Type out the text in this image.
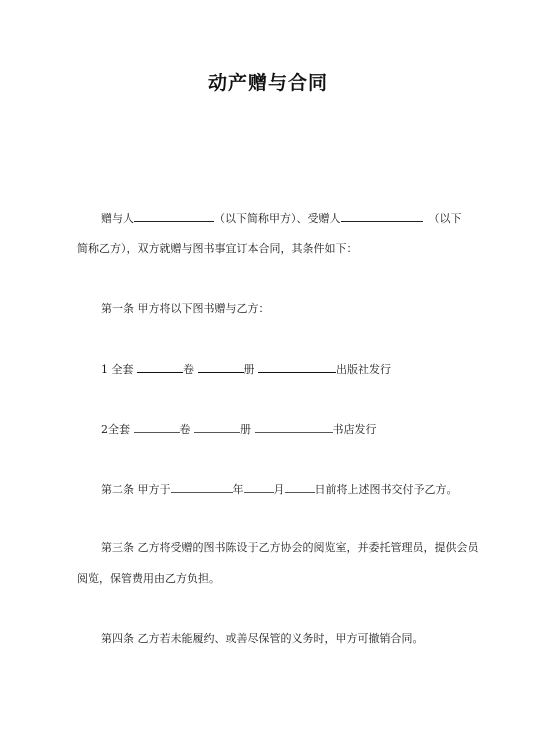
动产赠与合同
赠与人	（以下简称甲方）、受赠人	（以下
简称乙方），双方就赠与图书事宜订本合同，其条件如下：
第一条 甲方将以下图书赠与乙方：
1 全套	卷	册	出版社发行
2全套	卷	册	书店发行
第二条 甲方于	年	月	日前将上述图书交付予乙方。
第三条 乙方将受赠的图书陈设于乙方协会的阅览室，并委托管理员，提供会员
阅览，保管费用由乙方负担。
第四条 乙方若未能履约、或善尽保管的义务时，甲方可撤销合同。
